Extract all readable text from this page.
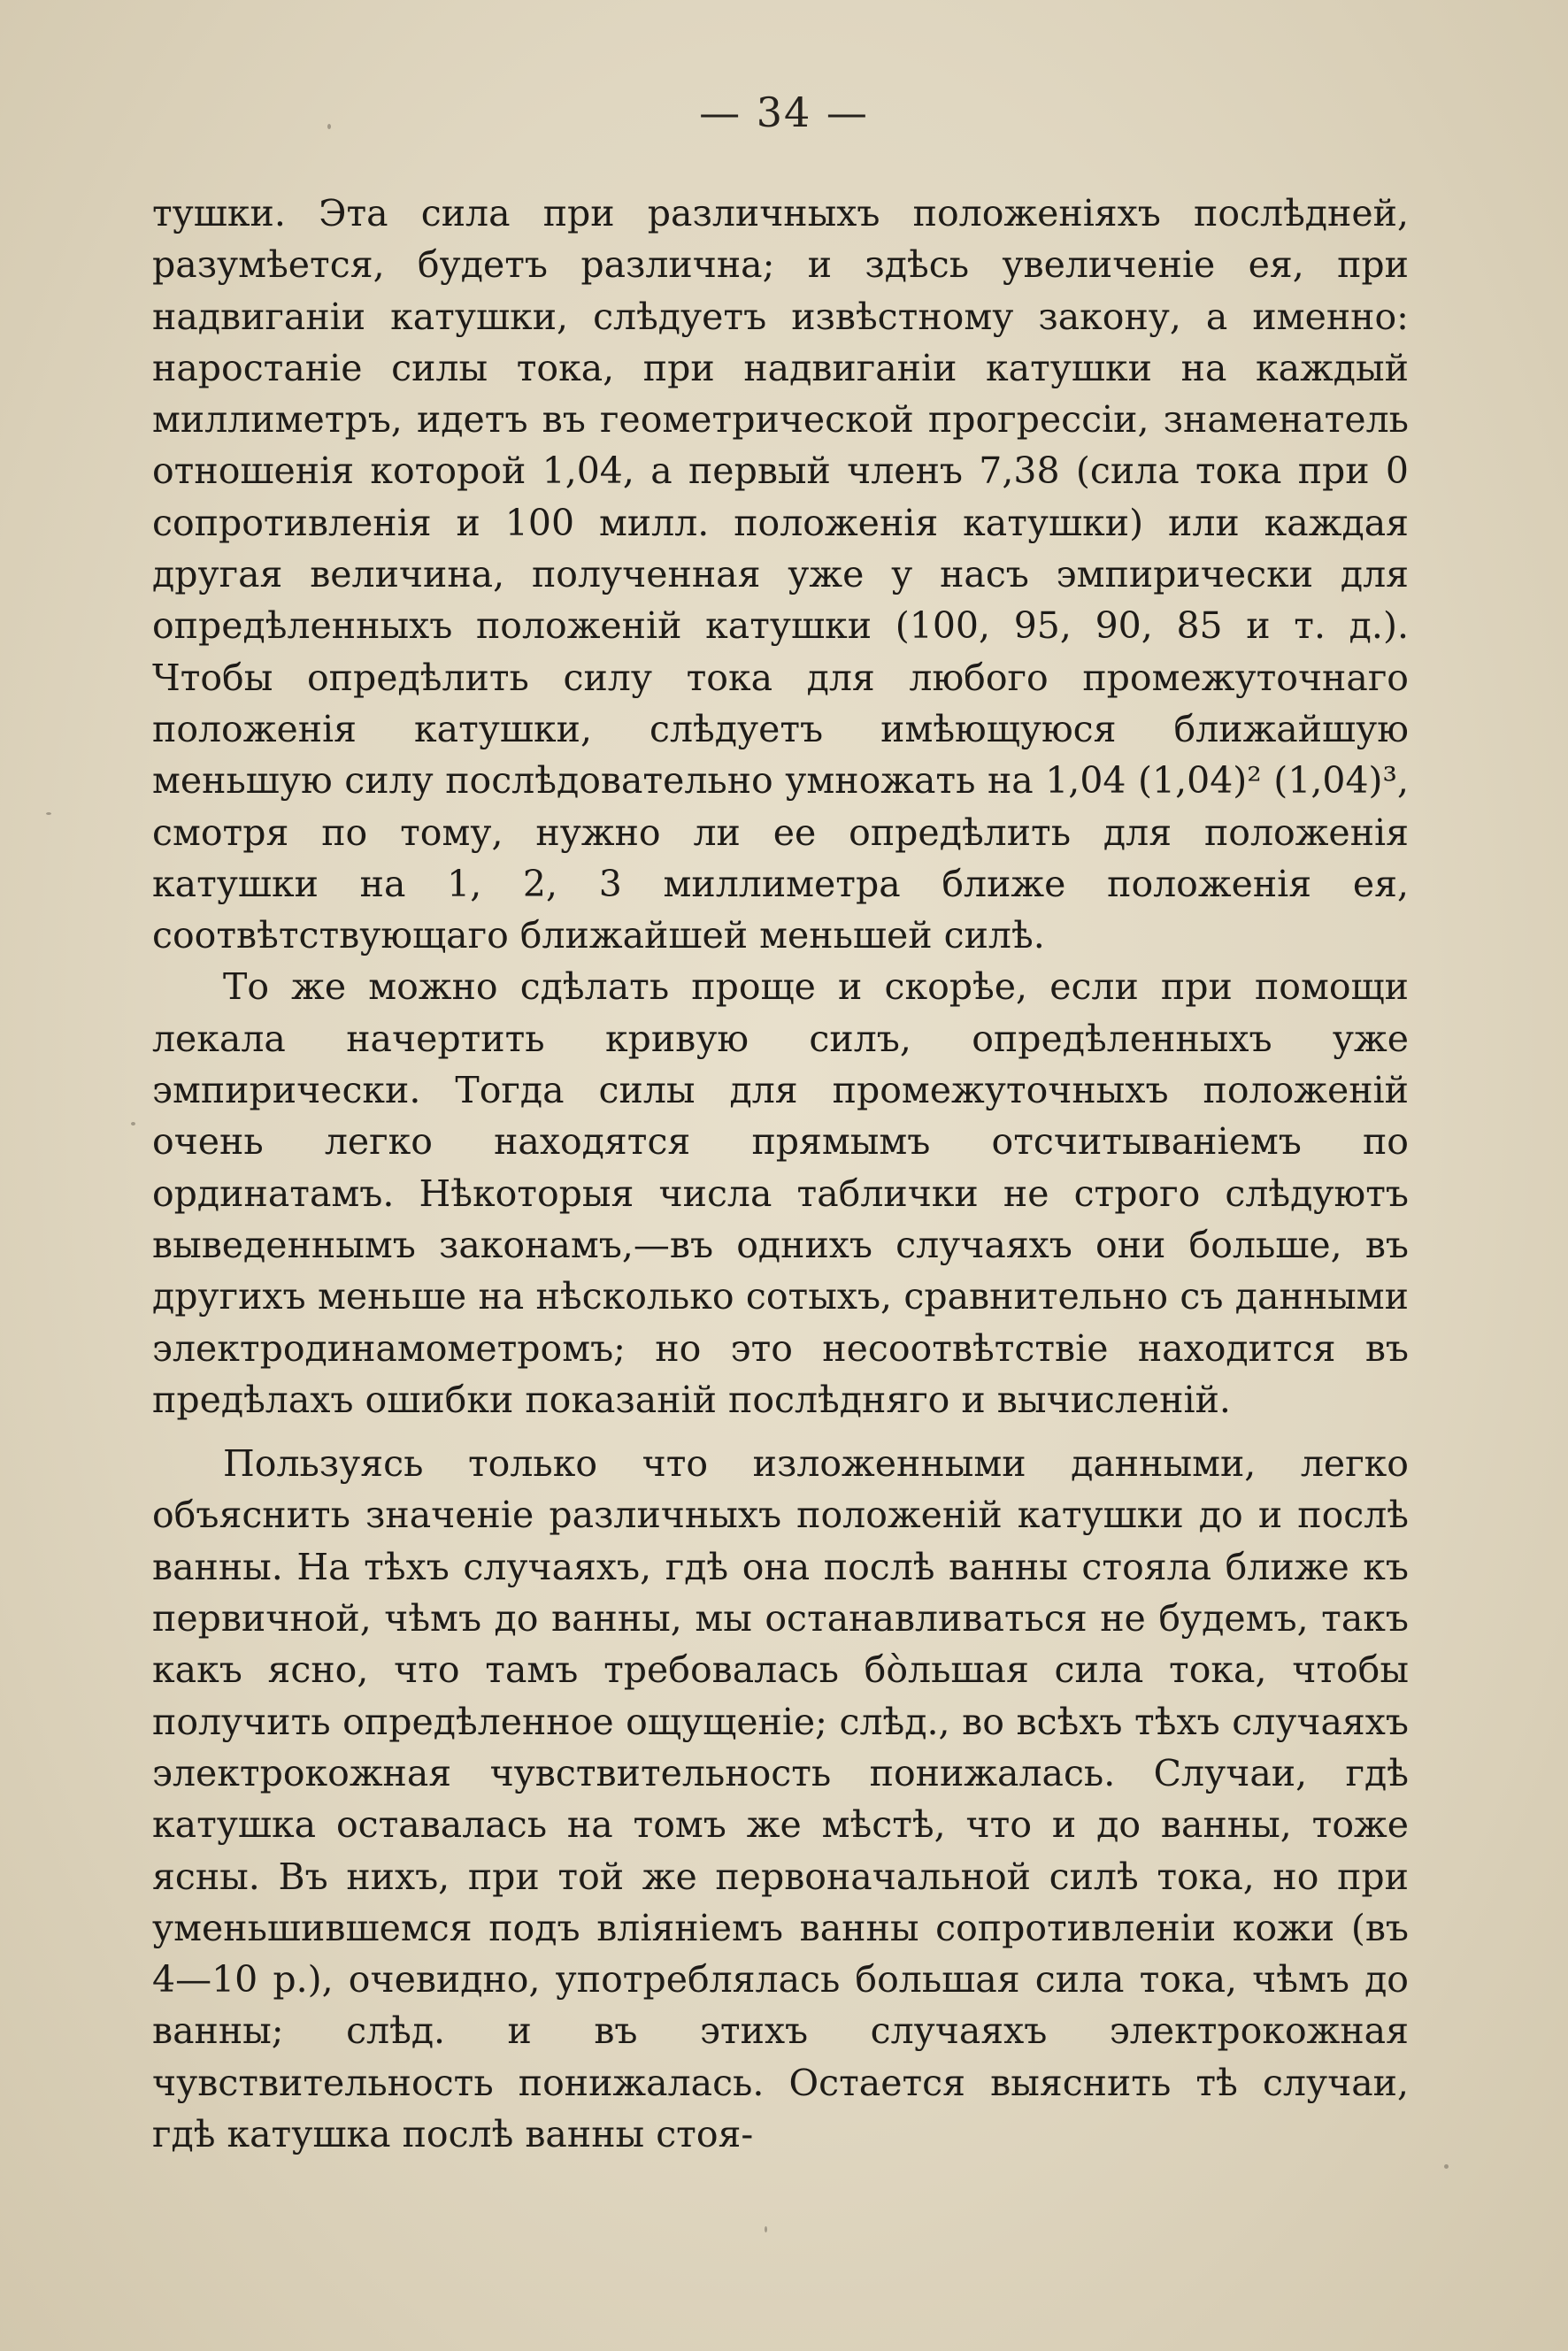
— 34 —

тушки. Эта сила при различныхъ положеніяхъ послѣдней, разумѣется, будетъ различна; и здѣсь увеличеніе ея, при надвиганіи катушки, слѣдуетъ извѣстному закону, а именно: наростаніе силы тока, при надвиганіи катушки на каждый миллиметръ, идетъ въ геометрической прогрессіи, знаменатель отношенія которой 1,04, а первый членъ 7,38 (сила тока при 0 сопротивленія и 100 милл. положенія катушки) или каждая другая величина, полученная уже у насъ эмпирически для опредѣленныхъ положеній катушки (100, 95, 90, 85 и т. д.). Чтобы опредѣлить силу тока для любого промежуточнаго положенія катушки, слѣдуетъ имѣющуюся ближайшую меньшую силу послѣдовательно умножать на 1,04 (1,04)² (1,04)³, смотря по тому, нужно ли ее опредѣлить для положенія катушки на 1, 2, 3 миллиметра ближе положенія ея, соотвѣтствующаго ближайшей меньшей силѣ.

То же можно сдѣлать проще и скорѣе, если при помощи лекала начертить кривую силъ, опредѣленныхъ уже эмпирически. Тогда силы для промежуточныхъ положеній очень легко находятся прямымъ отсчитываніемъ по ординатамъ. Нѣкоторыя числа таблички не строго слѣдуютъ выведеннымъ законамъ,—въ однихъ случаяхъ они больше, въ другихъ меньше на нѣсколько сотыхъ, сравнительно съ данными электродинамометромъ; но это несоотвѣтствіе находится въ предѣлахъ ошибки показаній послѣдняго и вычисленій.

Пользуясь только что изложенными данными, легко объяснить значеніе различныхъ положеній катушки до и послѣ ванны. На тѣхъ случаяхъ, гдѣ она послѣ ванны стояла ближе къ первичной, чѣмъ до ванны, мы останавливаться не будемъ, такъ какъ ясно, что тамъ требовалась бо̀льшая сила тока, чтобы получить опредѣленное ощущеніе; слѣд., во всѣхъ тѣхъ случаяхъ электрокожная чувствительность понижалась. Случаи, гдѣ катушка оставалась на томъ же мѣстѣ, что и до ванны, тоже ясны. Въ нихъ, при той же первоначальной силѣ тока, но при уменьшившемся подъ вліяніемъ ванны сопротивленіи кожи (въ 4—10 р.), очевидно, употреблялась большая сила тока, чѣмъ до ванны; слѣд. и въ этихъ случаяхъ электрокожная чувствительность понижалась. Остается выяснить тѣ случаи, гдѣ катушка послѣ ванны стоя-
